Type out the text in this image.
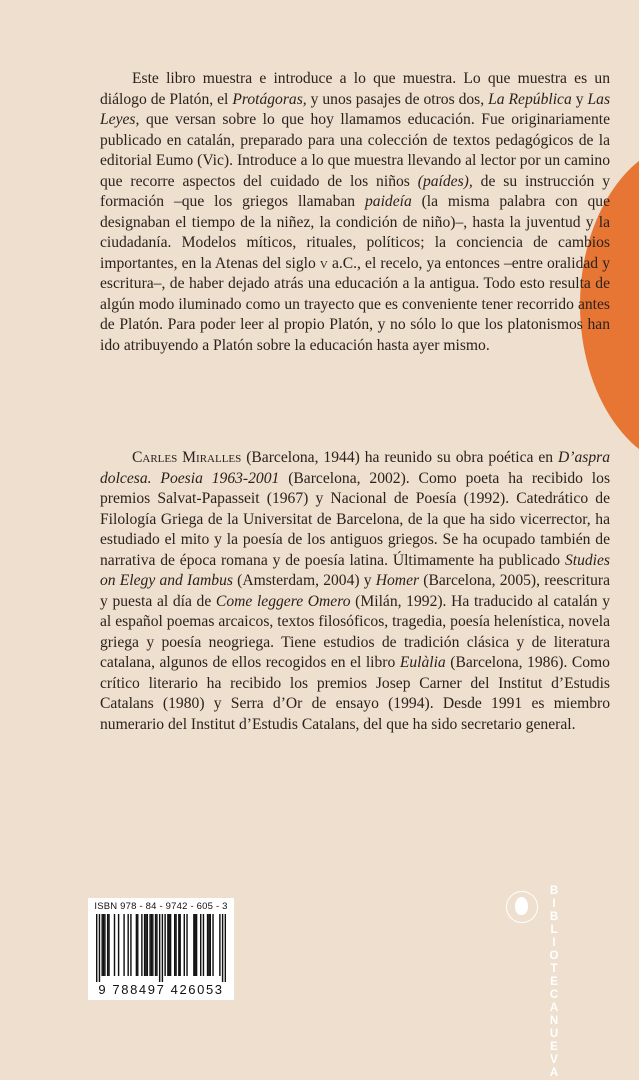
Este libro muestra e introduce a lo que muestra. Lo que muestra es un diálogo de Platón, el Protágoras, y unos pasajes de otros dos, La República y Las Leyes, que versan sobre lo que hoy llamamos educación. Fue originariamente publicado en catalán, preparado para una colección de textos pedagógicos de la editorial Eumo (Vic). Introduce a lo que muestra llevando al lector por un camino que recorre aspectos del cuidado de los niños (paídes), de su instrucción y formación –que los griegos llamaban paideía (la misma palabra con que designaban el tiempo de la niñez, la condición de niño)–, hasta la juventud y la ciudadanía. Modelos míticos, rituales, políticos; la conciencia de cambios importantes, en la Atenas del siglo v a.C., el recelo, ya entonces –entre oralidad y escritura–, de haber dejado atrás una educación a la antigua. Todo esto resulta de algún modo iluminado como un trayecto que es conveniente tener recorrido antes de Platón. Para poder leer al propio Platón, y no sólo lo que los platonismos han ido atribuyendo a Platón sobre la educación hasta ayer mismo.

Carles Miralles (Barcelona, 1944) ha reunido su obra poética en D’aspra dolcesa. Poesia 1963-2001 (Barcelona, 2002). Como poeta ha recibido los premios Salvat-Papasseit (1967) y Nacional de Poesía (1992). Catedrático de Filología Griega de la Universitat de Barcelona, de la que ha sido vicerrector, ha estudiado el mito y la poesía de los antiguos griegos. Se ha ocupado también de narrativa de época romana y de poesía latina. Últimamente ha publicado Studies on Elegy and Iambus (Amsterdam, 2004) y Homer (Barcelona, 2005), reescritura y puesta al día de Come leggere Omero (Milán, 1992). Ha traducido al catalán y al español poemas arcaicos, textos filosóficos, tragedia, poesía helenística, novela griega y poesía neogriega. Tiene estudios de tradición clásica y de literatura catalana, algunos de ellos recogidos en el libro Eulàlia (Barcelona, 1986). Como crítico literario ha recibido los premios Josep Carner del Institut d’Estudis Catalans (1980) y Serra d’Or de ensayo (1994). Desde 1991 es miembro numerario del Institut d’Estudis Catalans, del que ha sido secretario general.

ISBN 978 - 84 - 9742 - 605 - 3
9 788497 426053
B
I
B
L
I
O
T
E
C
A
N
U
E
V
A
